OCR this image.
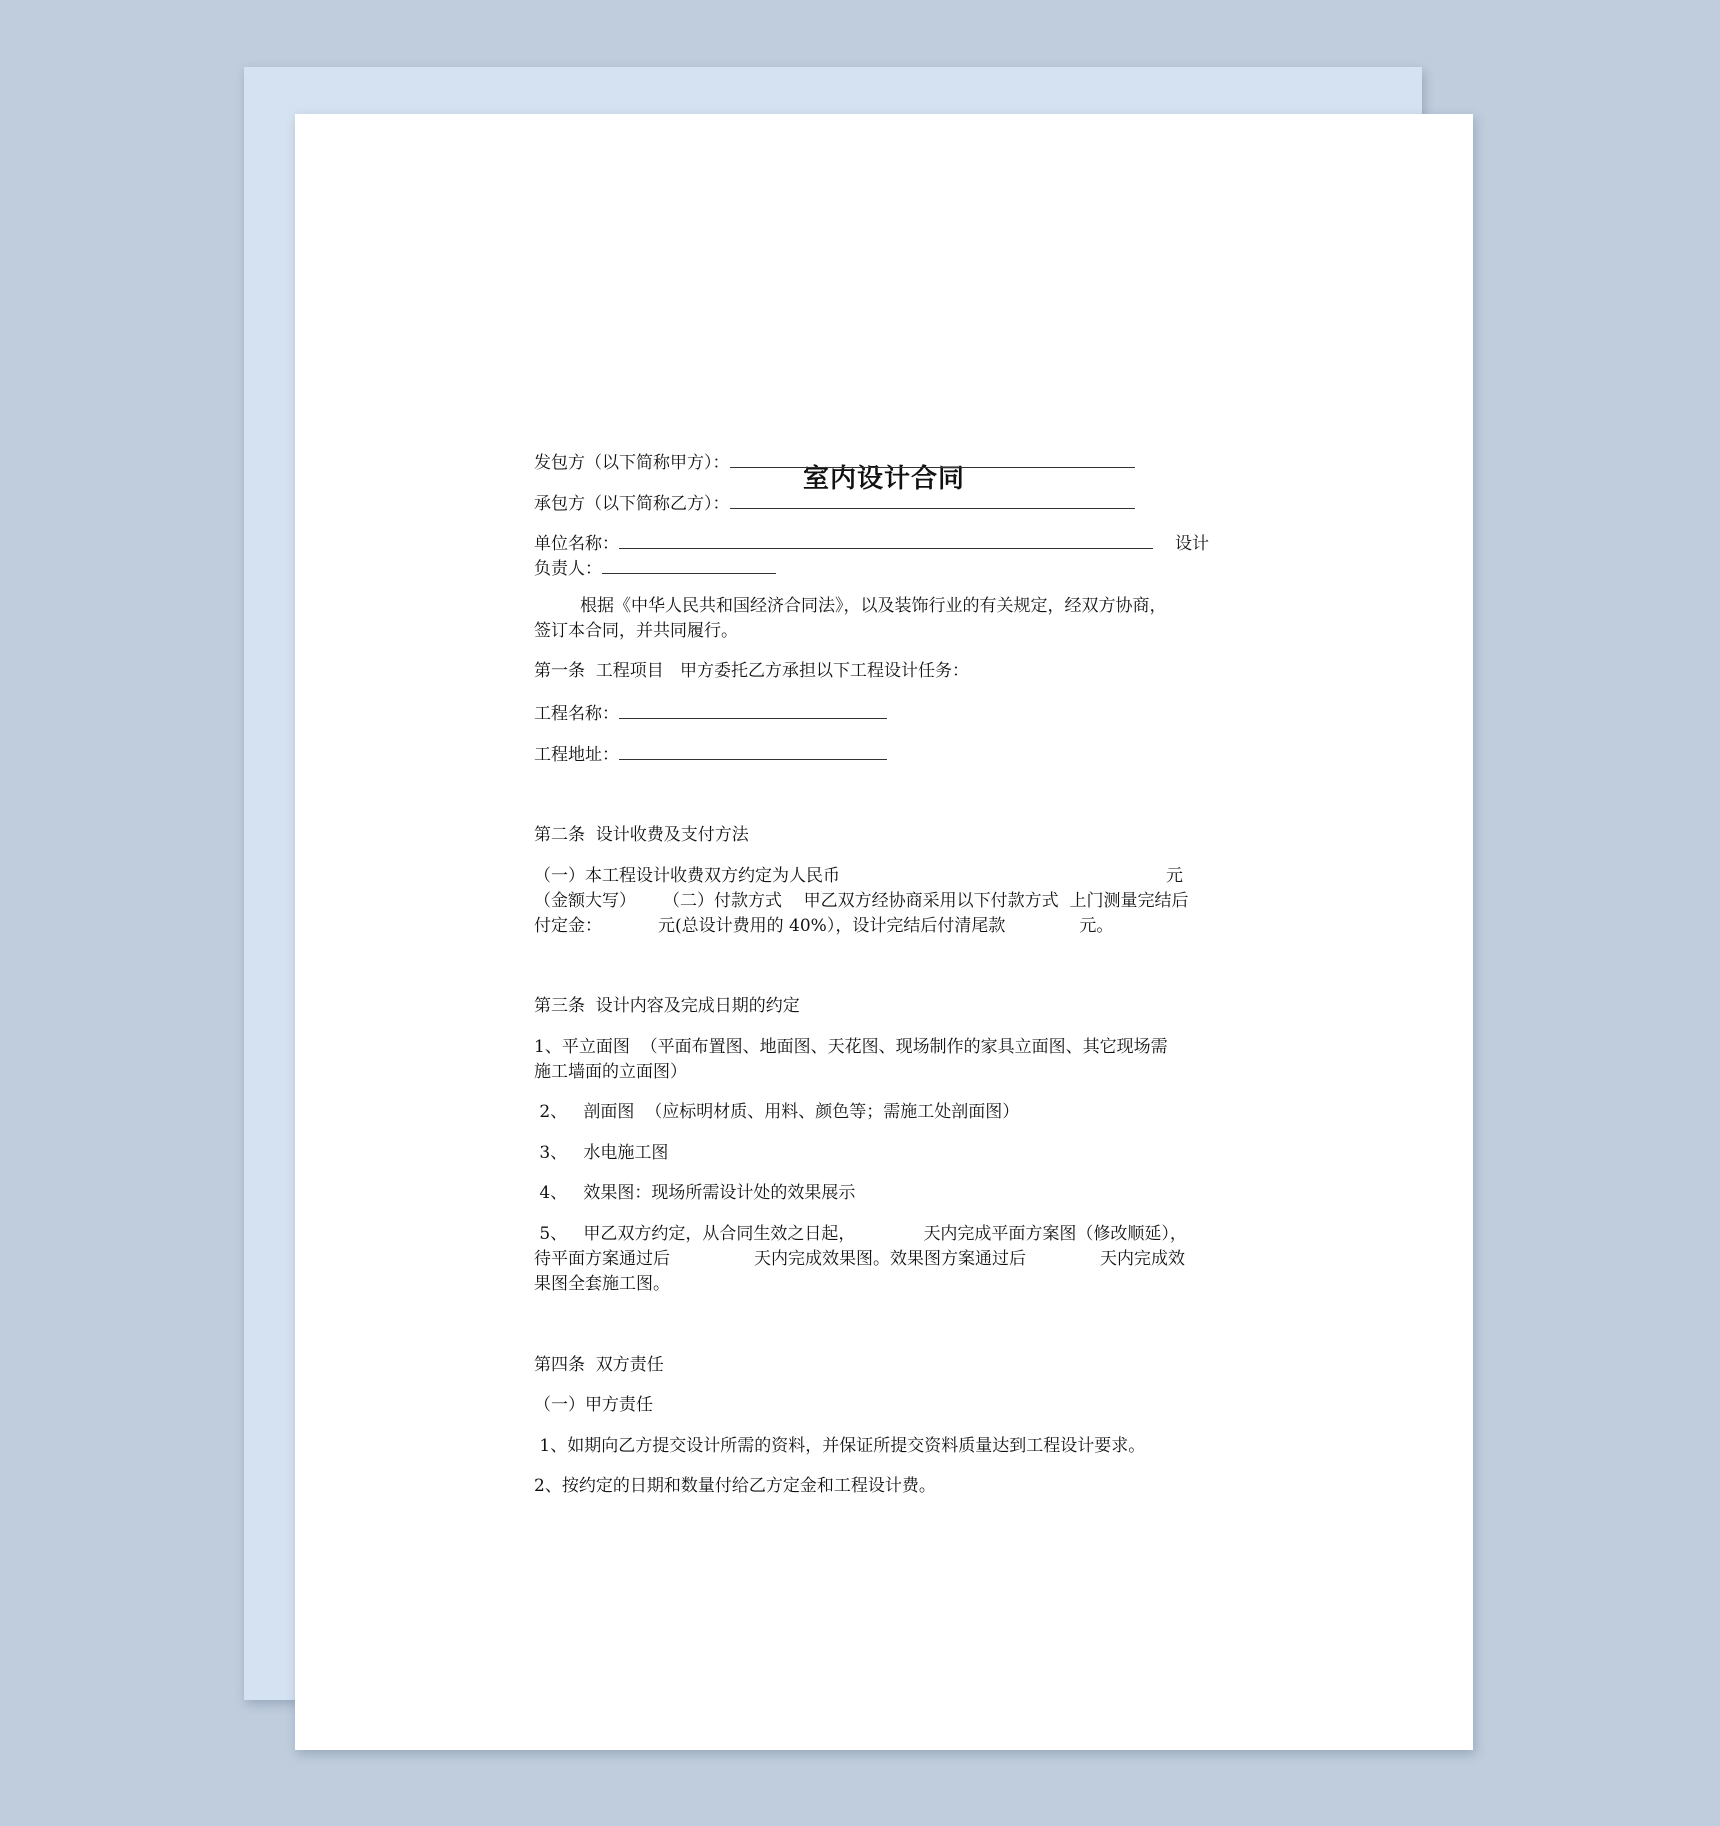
室内设计合同
发包方（以下简称甲方）：
承包方（以下简称乙方）：
单位名称：	设计
负责人：
根据《中华人民共和国经济合同法》，以及装饰行业的有关规定，经双方协商，
签订本合同，并共同履行。
第一条  工程项目   甲方委托乙方承担以下工程设计任务：
工程名称：
工程地址：
第二条  设计收费及支付方法
（一）本工程设计收费双方约定为人民币	元
（金额大写）     （二）付款方式    甲乙双方经协商采用以下付款方式  上门测量完结后
付定金：	元(总设计费用的 40%），设计完结后付清尾款	元。
第三条  设计内容及完成日期的约定
1、平立面图  （平面布置图、地面图、天花图、现场制作的家具立面图、其它现场需
施工墙面的立面图）
2、   剖面图  （应标明材质、用料、颜色等；需施工处剖面图）
3、   水电施工图
4、   效果图：现场所需设计处的效果展示
5、   甲乙双方约定，从合同生效之日起，	天内完成平面方案图（修改顺延），
待平面方案通过后	天内完成效果图。效果图方案通过后	天内完成效
果图全套施工图。
第四条  双方责任
（一）甲方责任
1、如期向乙方提交设计所需的资料，并保证所提交资料质量达到工程设计要求。
2、按约定的日期和数量付给乙方定金和工程设计费。
